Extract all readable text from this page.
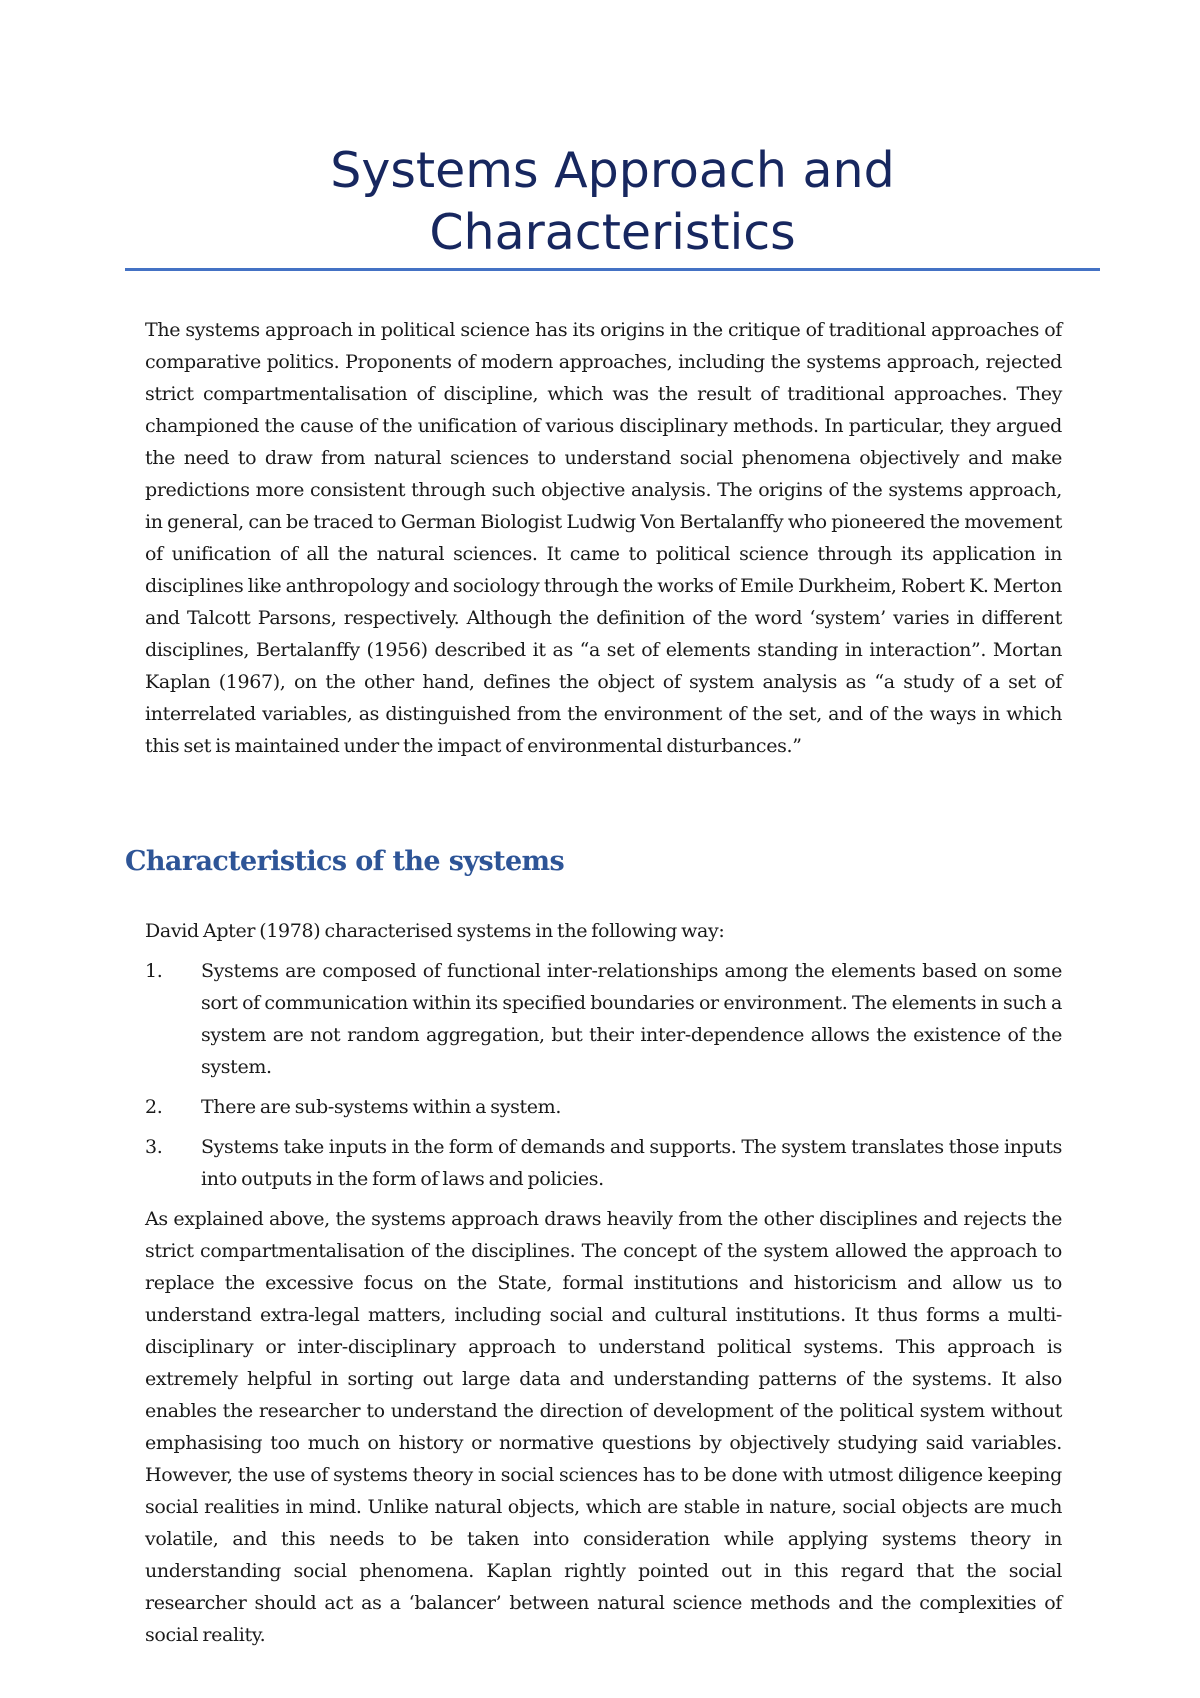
Systems Approach and
Characteristics

The systems approach in political science has its origins in the critique of traditional approaches of comparative politics. Proponents of modern approaches, including the systems approach, rejected strict compartmentalisation of discipline, which was the result of traditional approaches. They championed the cause of the unification of various disciplinary methods. In particular, they argued the need to draw from natural sciences to understand social phenomena objectively and make predictions more consistent through such objective analysis. The origins of the systems approach, in general, can be traced to German Biologist Ludwig Von Bertalanffy who pioneered the movement of unification of all the natural sciences. It came to political science through its application in disciplines like anthropology and sociology through the works of Emile Durkheim, Robert K. Merton and Talcott Parsons, respectively. Although the definition of the word ‘system’ varies in different disciplines, Bertalanffy (1956) described it as “a set of elements standing in interaction”. Mortan Kaplan (1967), on the other hand, defines the object of system analysis as “a study of a set of interrelated variables, as distinguished from the environment of the set, and of the ways in which this set is maintained under the impact of environmental disturbances.”

Characteristics of the systems

David Apter (1978) characterised systems in the following way:

1. Systems are composed of functional inter-relationships among the elements based on some sort of communication within its specified boundaries or environment. The elements in such a system are not random aggregation, but their inter-dependence allows the existence of the system.
2. There are sub-systems within a system.
3. Systems take inputs in the form of demands and supports. The system translates those inputs into outputs in the form of laws and policies.

As explained above, the systems approach draws heavily from the other disciplines and rejects the strict compartmentalisation of the disciplines. The concept of the system allowed the approach to replace the excessive focus on the State, formal institutions and historicism and allow us to understand extra-legal matters, including social and cultural institutions. It thus forms a multi-disciplinary or inter-disciplinary approach to understand political systems. This approach is extremely helpful in sorting out large data and understanding patterns of the systems. It also enables the researcher to understand the direction of development of the political system without emphasising too much on history or normative questions by objectively studying said variables. However, the use of systems theory in social sciences has to be done with utmost diligence keeping social realities in mind. Unlike natural objects, which are stable in nature, social objects are much volatile, and this needs to be taken into consideration while applying systems theory in understanding social phenomena. Kaplan rightly pointed out in this regard that the social researcher should act as a ‘balancer’ between natural science methods and the complexities of social reality.
